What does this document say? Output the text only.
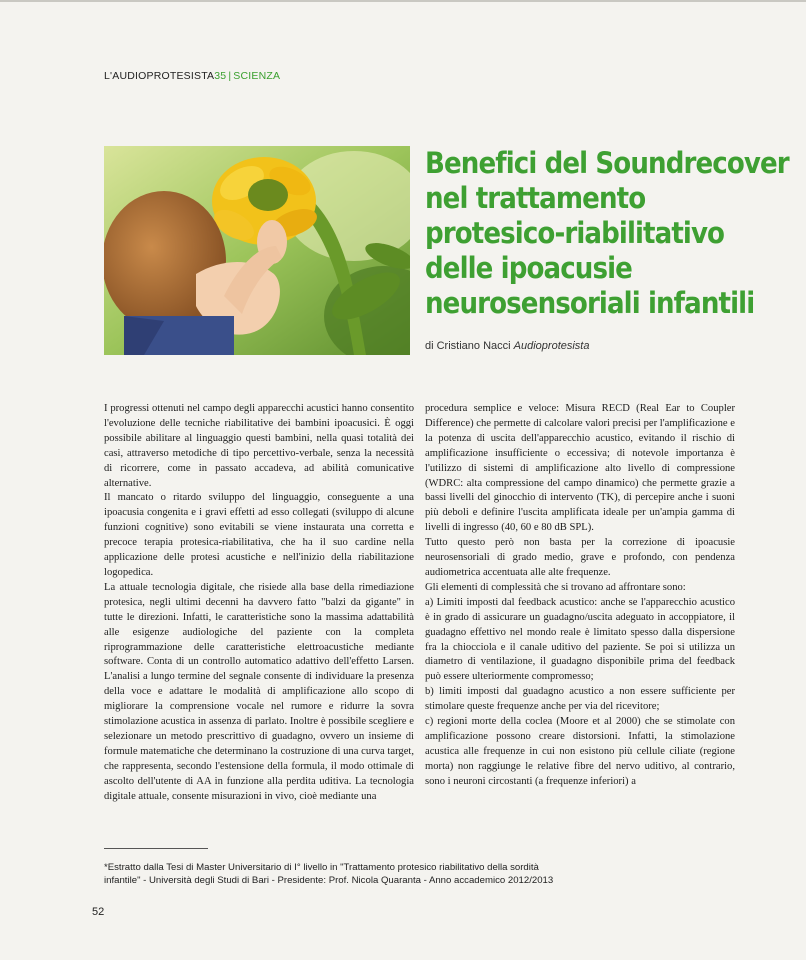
L'AUDIOPROTESISTA35 | SCIENZA
Benefici del Soundrecover
nel trattamento
protesico-riabilitativo
delle ipoacusie
neurosensoriali infantili
di Cristiano Nacci Audioprotesista

I progressi ottenuti nel campo degli apparecchi acustici hanno consentito l'evoluzione delle tecniche riabilitative dei bambini ipoacusici. È oggi possibile abilitare al linguaggio questi bambini, nella quasi totalità dei casi, attraverso metodiche di tipo percettivo-verbale, senza la necessità di ricorrere, come in passato accadeva, ad abilità comunicative alternative.

Il mancato o ritardo sviluppo del linguaggio, conseguente a una ipoacusia congenita e i gravi effetti ad esso collegati (sviluppo di alcune funzioni cognitive) sono evitabili se viene instaurata una corretta e precoce terapia protesica-riabilitativa, che ha il suo cardine nella applicazione delle protesi acustiche e nell'inizio della riabilitazione logopedica.

La attuale tecnologia digitale, che risiede alla base della rimediazione protesica, negli ultimi decenni ha davvero fatto "balzi da gigante" in tutte le direzioni. Infatti, le caratteristiche sono la massima adattabilità alle esigenze audiologiche del paziente con la completa riprogrammazione delle caratteristiche elettroacustiche mediante software. Conta di un controllo automatico adattivo dell'effetto Larsen. L'analisi a lungo termine del segnale consente di individuare la presenza della voce e adattare le modalità di amplificazione allo scopo di migliorare la comprensione vocale nel rumore e ridurre la sovra stimolazione acustica in assenza di parlato. Inoltre è possibile scegliere e selezionare un metodo prescrittivo di guadagno, ovvero un insieme di formule matematiche che determinano la costruzione di una curva target, che rappresenta, secondo l'estensione della formula, il modo ottimale di ascolto dell'utente di AA in funzione alla perdita uditiva. La tecnologia digitale attuale, consente misurazioni in vivo, cioè mediante una

procedura semplice e veloce: Misura RECD (Real Ear to Coupler Difference) che permette di calcolare valori precisi per l'amplificazione e la potenza di uscita dell'apparecchio acustico, evitando il rischio di amplificazione insufficiente o eccessiva; di notevole importanza è l'utilizzo di sistemi di amplificazione alto livello di compressione (WDRC: alta compressione del campo dinamico) che permette grazie a bassi livelli del ginocchio di intervento (TK), di percepire anche i suoni più deboli e definire l'uscita amplificata ideale per un'ampia gamma di livelli di ingresso (40, 60 e 80 dB SPL).

Tutto questo però non basta per la correzione di ipoacusie neurosensoriali di grado medio, grave e profondo, con pendenza audiometrica accentuata alle alte frequenze.

Gli elementi di complessità che si trovano ad affrontare sono:

a) Limiti imposti dal feedback acustico: anche se l'apparecchio acustico è in grado di assicurare un guadagno/uscita adeguato in accoppiatore, il guadagno effettivo nel mondo reale è limitato spesso dalla dispersione fra la chiocciola e il canale uditivo del paziente. Se poi si utilizza un diametro di ventilazione, il guadagno disponibile prima del feedback può essere ulteriormente compromesso;

b) limiti imposti dal guadagno acustico a non essere sufficiente per stimolare queste frequenze anche per via del ricevitore;

c) regioni morte della coclea (Moore et al 2000) che se stimolate con amplificazione possono creare distorsioni. Infatti, la stimolazione acustica alle frequenze in cui non esistono più cellule ciliate (regione morta) non raggiunge le relative fibre del nervo uditivo, al contrario, sono i neuroni circostanti (a frequenze inferiori) a

*Estratto dalla Tesi di Master Universitario di I° livello in "Trattamento protesico riabilitativo della sordità

infantile" - Università degli Studi di Bari - Presidente: Prof. Nicola Quaranta - Anno accademico 2012/2013

52
